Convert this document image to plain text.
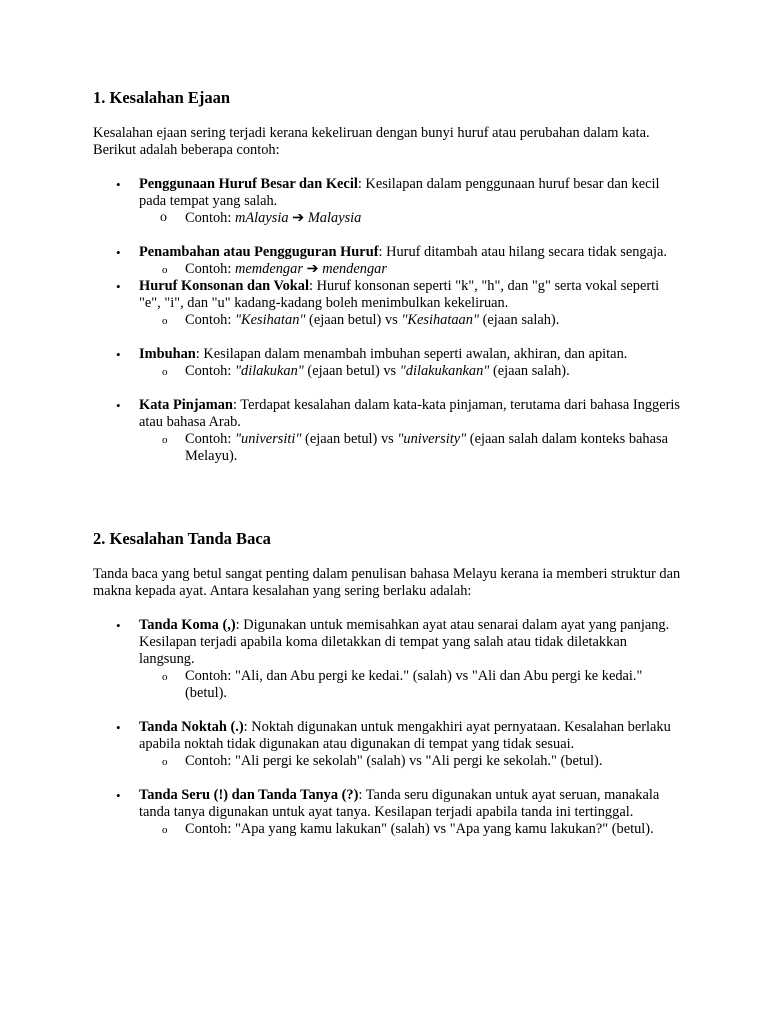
1. Kesalahan Ejaan

Kesalahan ejaan sering terjadi kerana kekeliruan dengan bunyi huruf atau perubahan dalam kata. Berikut adalah beberapa contoh:

• Penggunaan Huruf Besar dan Kecil: Kesilapan dalam penggunaan huruf besar dan kecil pada tempat yang salah.
o Contoh: mAlaysia ➔ Malaysia
• Penambahan atau Pengguguran Huruf: Huruf ditambah atau hilang secara tidak sengaja.
o Contoh: memdengar ➔ mendengar
• Huruf Konsonan dan Vokal: Huruf konsonan seperti "k", "h", dan "g" serta vokal seperti "e", "i", dan "u" kadang-kadang boleh menimbulkan kekeliruan.
o Contoh: "Kesihatan" (ejaan betul) vs "Kesihataan" (ejaan salah).
• Imbuhan: Kesilapan dalam menambah imbuhan seperti awalan, akhiran, dan apitan.
o Contoh: "dilakukan" (ejaan betul) vs "dilakukankan" (ejaan salah).
• Kata Pinjaman: Terdapat kesalahan dalam kata-kata pinjaman, terutama dari bahasa Inggeris atau bahasa Arab.
o Contoh: "universiti" (ejaan betul) vs "university" (ejaan salah dalam konteks bahasa Melayu).
2. Kesalahan Tanda Baca

Tanda baca yang betul sangat penting dalam penulisan bahasa Melayu kerana ia memberi struktur dan makna kepada ayat. Antara kesalahan yang sering berlaku adalah:

• Tanda Koma (,): Digunakan untuk memisahkan ayat atau senarai dalam ayat yang panjang. Kesilapan terjadi apabila koma diletakkan di tempat yang salah atau tidak diletakkan langsung.
o Contoh: "Ali, dan Abu pergi ke kedai." (salah) vs "Ali dan Abu pergi ke kedai." (betul).
• Tanda Noktah (.): Noktah digunakan untuk mengakhiri ayat pernyataan. Kesalahan berlaku apabila noktah tidak digunakan atau digunakan di tempat yang tidak sesuai.
o Contoh: "Ali pergi ke sekolah" (salah) vs "Ali pergi ke sekolah." (betul).
• Tanda Seru (!) dan Tanda Tanya (?): Tanda seru digunakan untuk ayat seruan, manakala tanda tanya digunakan untuk ayat tanya. Kesilapan terjadi apabila tanda ini tertinggal.
o Contoh: "Apa yang kamu lakukan" (salah) vs "Apa yang kamu lakukan?" (betul).
